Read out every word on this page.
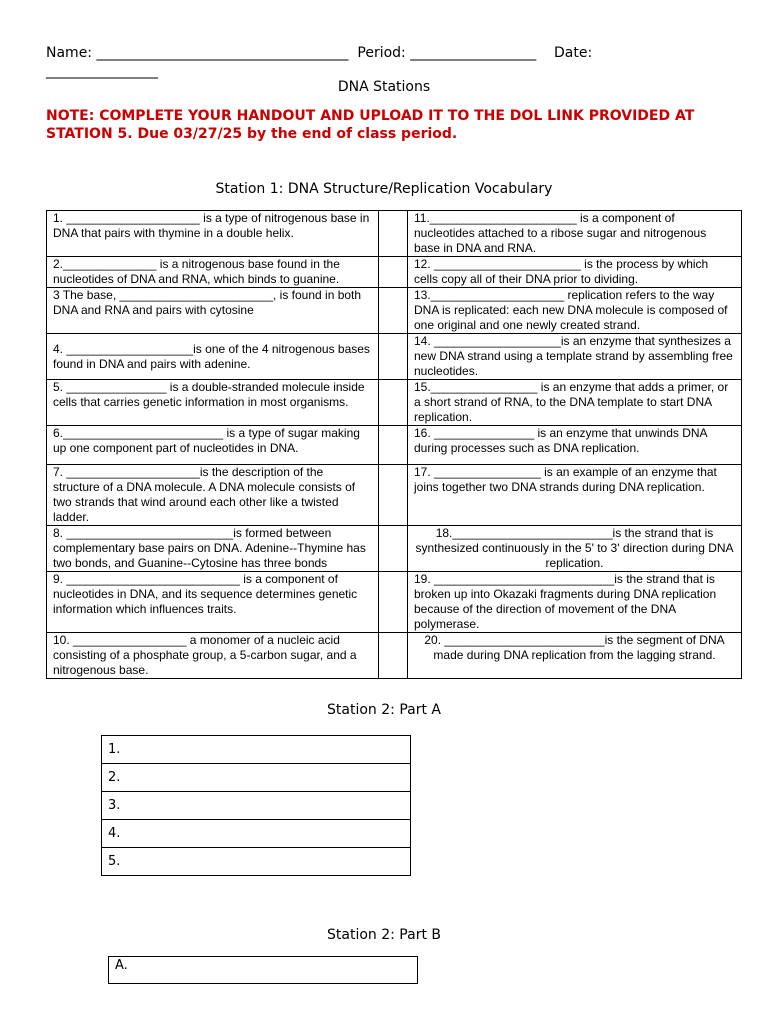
Name: ____________________________________ Period: __________________ Date:
________________
DNA Stations
NOTE: COMPLETE YOUR HANDOUT AND UPLOAD IT TO THE DOL LINK PROVIDED AT STATION 5. Due 03/27/25 by the end of class period.
Station 1: DNA Structure/Replication Vocabulary
1. ____________________ is a type of nitrogenous base in DNA that pairs with thymine in a double helix.		11.______________________ is a component of nucleotides attached to a ribose sugar and nitrogenous base in DNA and RNA.
2.______________ is a nitrogenous base found in the nucleotides of DNA and RNA, which binds to guanine.		12. ______________________ is the process by which cells copy all of their DNA prior to dividing.
3 The base, _______________________, is found in both DNA and RNA and pairs with cytosine		13.____________________ replication refers to the way DNA is replicated: each new DNA molecule is composed of one original and one newly created strand.
4. ___________________is one of the 4 nitrogenous bases found in DNA and pairs with adenine.		14. ___________________is an enzyme that synthesizes a new DNA strand using a template strand by assembling free nucleotides.
5. _______________ is a double-stranded molecule inside cells that carries genetic information in most organisms.		15.________________ is an enzyme that adds a primer, or a short strand of RNA, to the DNA template to start DNA replication.
6.________________________ is a type of sugar making up one component part of nucleotides in DNA.		16. _______________ is an enzyme that unwinds DNA during processes such as DNA replication.
7. ____________________is the description of the structure of a DNA molecule. A DNA molecule consists of two strands that wind around each other like a twisted ladder.		17. ________________ is an example of an enzyme that joins together two DNA strands during DNA replication.
8. _________________________is formed between complementary base pairs on DNA. Adenine--Thymine has two bonds, and Guanine--Cytosine has three bonds		18.________________________is the strand that is synthesized continuously in the 5' to 3' direction during DNA replication.
9. __________________________ is a component of nucleotides in DNA, and its sequence determines genetic information which influences traits.		19. ___________________________is the strand that is broken up into Okazaki fragments during DNA replication because of the direction of movement of the DNA polymerase.
10. _________________ a monomer of a nucleic acid consisting of a phosphate group, a 5-carbon sugar, and a nitrogenous base.		20. ________________________is the segment of DNA made during DNA replication from the lagging strand.
Station 2: Part A
1.
2.
3.
4.
5.
Station 2: Part B
A.
